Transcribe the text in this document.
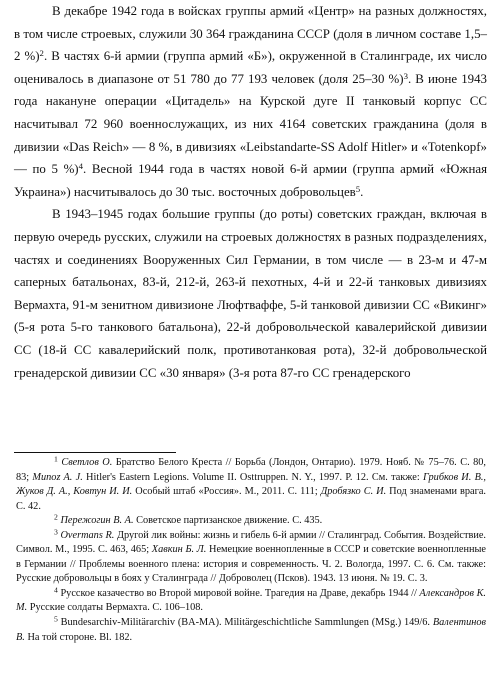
В декабре 1942 года в войсках группы армий «Центр» на разных должностях, в том числе строевых, служили 30 364 гражданина СССР (доля в личном составе 1,5–2 %)$^2$. В частях 6-й армии (группа армий «Б»), окруженной в Сталинграде, их число оценивалось в диапазоне от 51 780 до 77 193 человек (доля 25–30 %)$^3$. В июне 1943 года накануне операции «Цитадель» на Курской дуге II танковый корпус СС насчитывал 72 960 военнослужащих, из них 4164 советских гражданина (доля в дивизии «Das Reich» — 8 %, в дивизиях «Leibstandarte-SS Adolf Hitler» и «Totenkopf» — по 5 %)$^4$. Весной 1944 года в частях новой 6-й армии (группа армий «Южная Украина») насчитывалось до 30 тыс. восточных добровольцев$^5$.

В 1943–1945 годах большие группы (до роты) советских граждан, включая в первую очередь русских, служили на строевых должностях в разных подразделениях, частях и соединениях Вооруженных Сил Германии, в том числе — в 23-м и 47-м саперных батальонах, 83-й, 212-й, 263-й пехотных, 4-й и 22-й танковых дивизиях Вермахта, 91-м зенитном дивизионе Люфтваффе, 5-й танковой дивизии СС «Викинг» (5-я рота 5-го танкового батальона), 22-й добровольческой кавалерийской дивизии СС (18-й СС кавалерийский полк, противотанковая рота), 32-й добровольческой гренадерской дивизии СС «30 января» (3-я рота 87-го СС гренадерского

$^1$ Светлов О. Братство Белого Креста // Борьба (Лондон, Онтарио). 1979. Нояб. № 75–76. С. 80, 83; Munoz A. J. Hitler's Eastern Legions. Volume II. Osttruppen. N. Y., 1997. P. 12. См. также: Грибков И. В., Жуков Д. А., Ковтун И. И. Особый штаб «Россия». М., 2011. С. 111; Дробязко С. И. Под знаменами врага. С. 42.

$^2$ Пережогин В. А. Советское партизанское движение. С. 435.

$^3$ Overmans R. Другой лик войны: жизнь и гибель 6-й армии // Сталинград. События. Воздействие. Символ. М., 1995. С. 463, 465; Хавкин Б. Л. Немецкие военнопленные в СССР и советские военнопленные в Германии // Проблемы военного плена: история и современность. Ч. 2. Вологда, 1997. С. 6. См. также: Русские добровольцы в боях у Сталинграда // Доброволец (Псков). 1943. 13 июня. № 19. С. 3.

$^4$ Русское казачество во Второй мировой войне. Трагедия на Драве, декабрь 1944 // Александров К. М. Русские солдаты Вермахта. С. 106–108.

$^5$ Bundesarchiv-Militärarchiv (BA-MA). Militärgeschichtliche Sammlungen (MSg.) 149/6. Валентинов В. На той стороне. Bl. 182.
